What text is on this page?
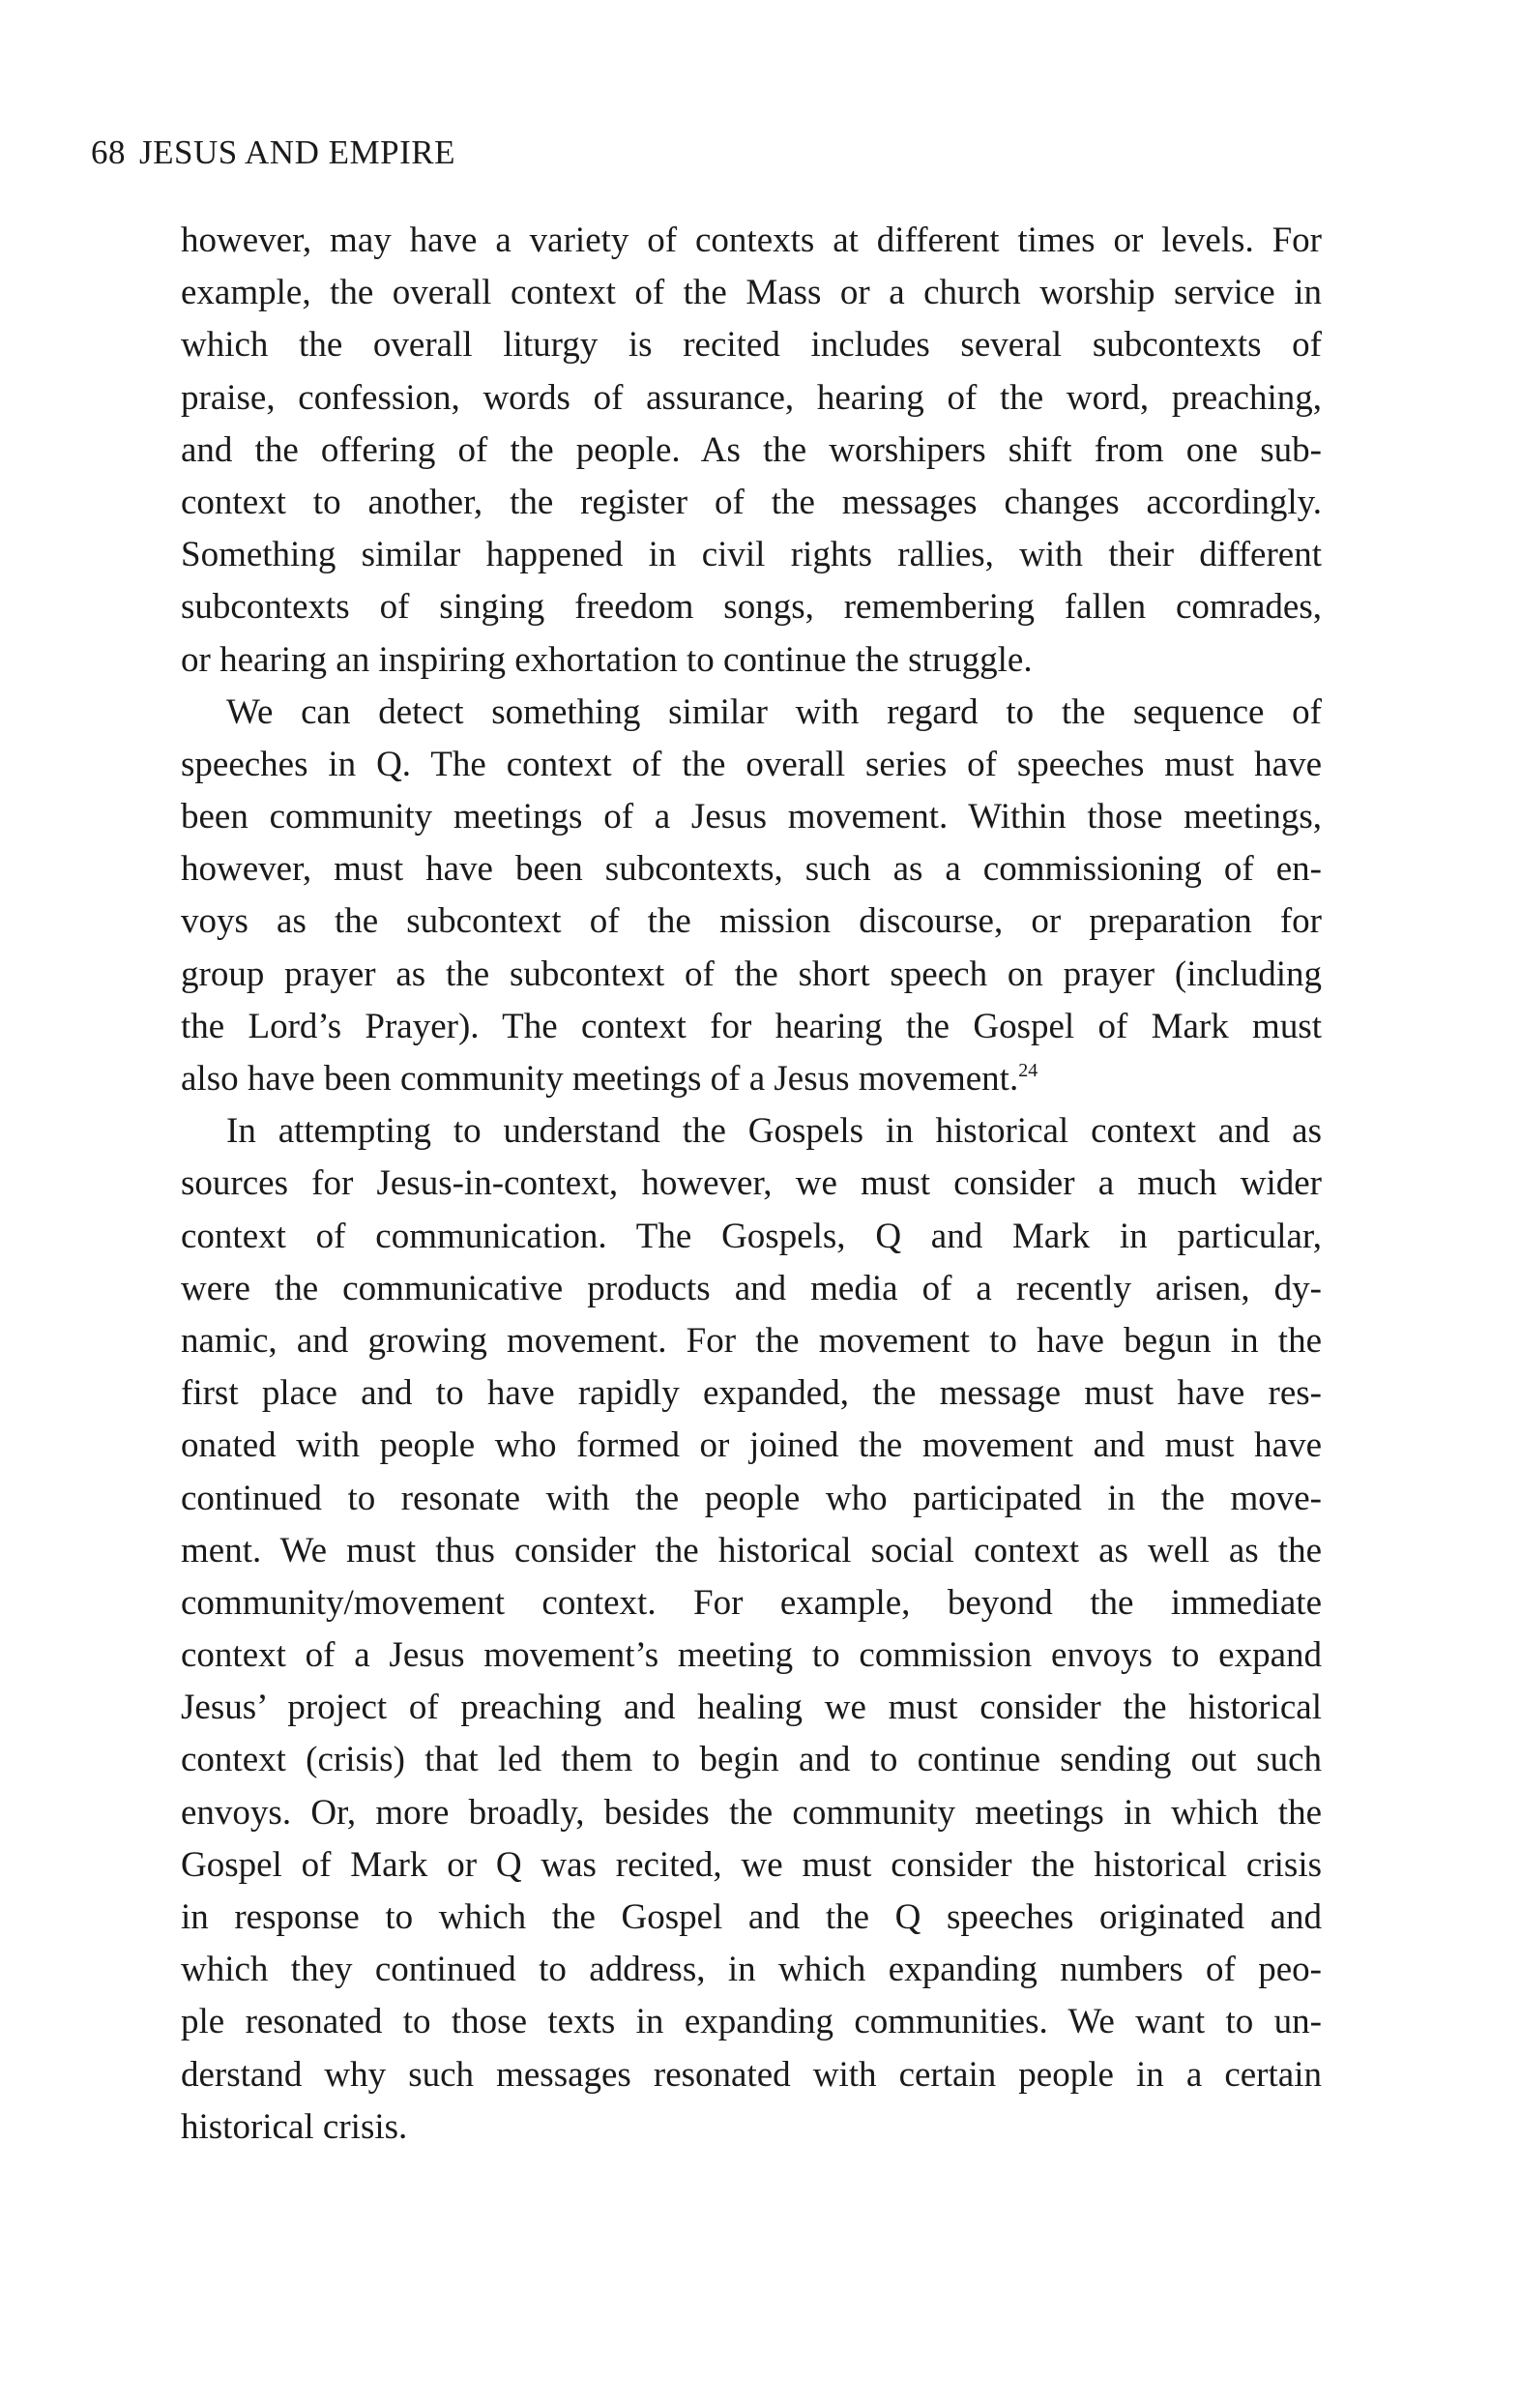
68 JESUS AND EMPIRE
however, may have a variety of contexts at different times or levels. For
example, the overall context of the Mass or a church worship service in
which the overall liturgy is recited includes several subcontexts of
praise, confession, words of assurance, hearing of the word, preaching,
and the offering of the people. As the worshipers shift from one sub-
context to another, the register of the messages changes accordingly.
Something similar happened in civil rights rallies, with their different
subcontexts of singing freedom songs, remembering fallen comrades,
or hearing an inspiring exhortation to continue the struggle.
We can detect something similar with regard to the sequence of
speeches in Q. The context of the overall series of speeches must have
been community meetings of a Jesus movement. Within those meetings,
however, must have been subcontexts, such as a commissioning of en-
voys as the subcontext of the mission discourse, or preparation for
group prayer as the subcontext of the short speech on prayer (including
the Lord’s Prayer). The context for hearing the Gospel of Mark must
also have been community meetings of a Jesus movement.$^{24}$
In attempting to understand the Gospels in historical context and as
sources for Jesus-in-context, however, we must consider a much wider
context of communication. The Gospels, Q and Mark in particular,
were the communicative products and media of a recently arisen, dy-
namic, and growing movement. For the movement to have begun in the
first place and to have rapidly expanded, the message must have res-
onated with people who formed or joined the movement and must have
continued to resonate with the people who participated in the move-
ment. We must thus consider the historical social context as well as the
community/movement context. For example, beyond the immediate
context of a Jesus movement’s meeting to commission envoys to expand
Jesus’ project of preaching and healing we must consider the historical
context (crisis) that led them to begin and to continue sending out such
envoys. Or, more broadly, besides the community meetings in which the
Gospel of Mark or Q was recited, we must consider the historical crisis
in response to which the Gospel and the Q speeches originated and
which they continued to address, in which expanding numbers of peo-
ple resonated to those texts in expanding communities. We want to un-
derstand why such messages resonated with certain people in a certain
historical crisis.
